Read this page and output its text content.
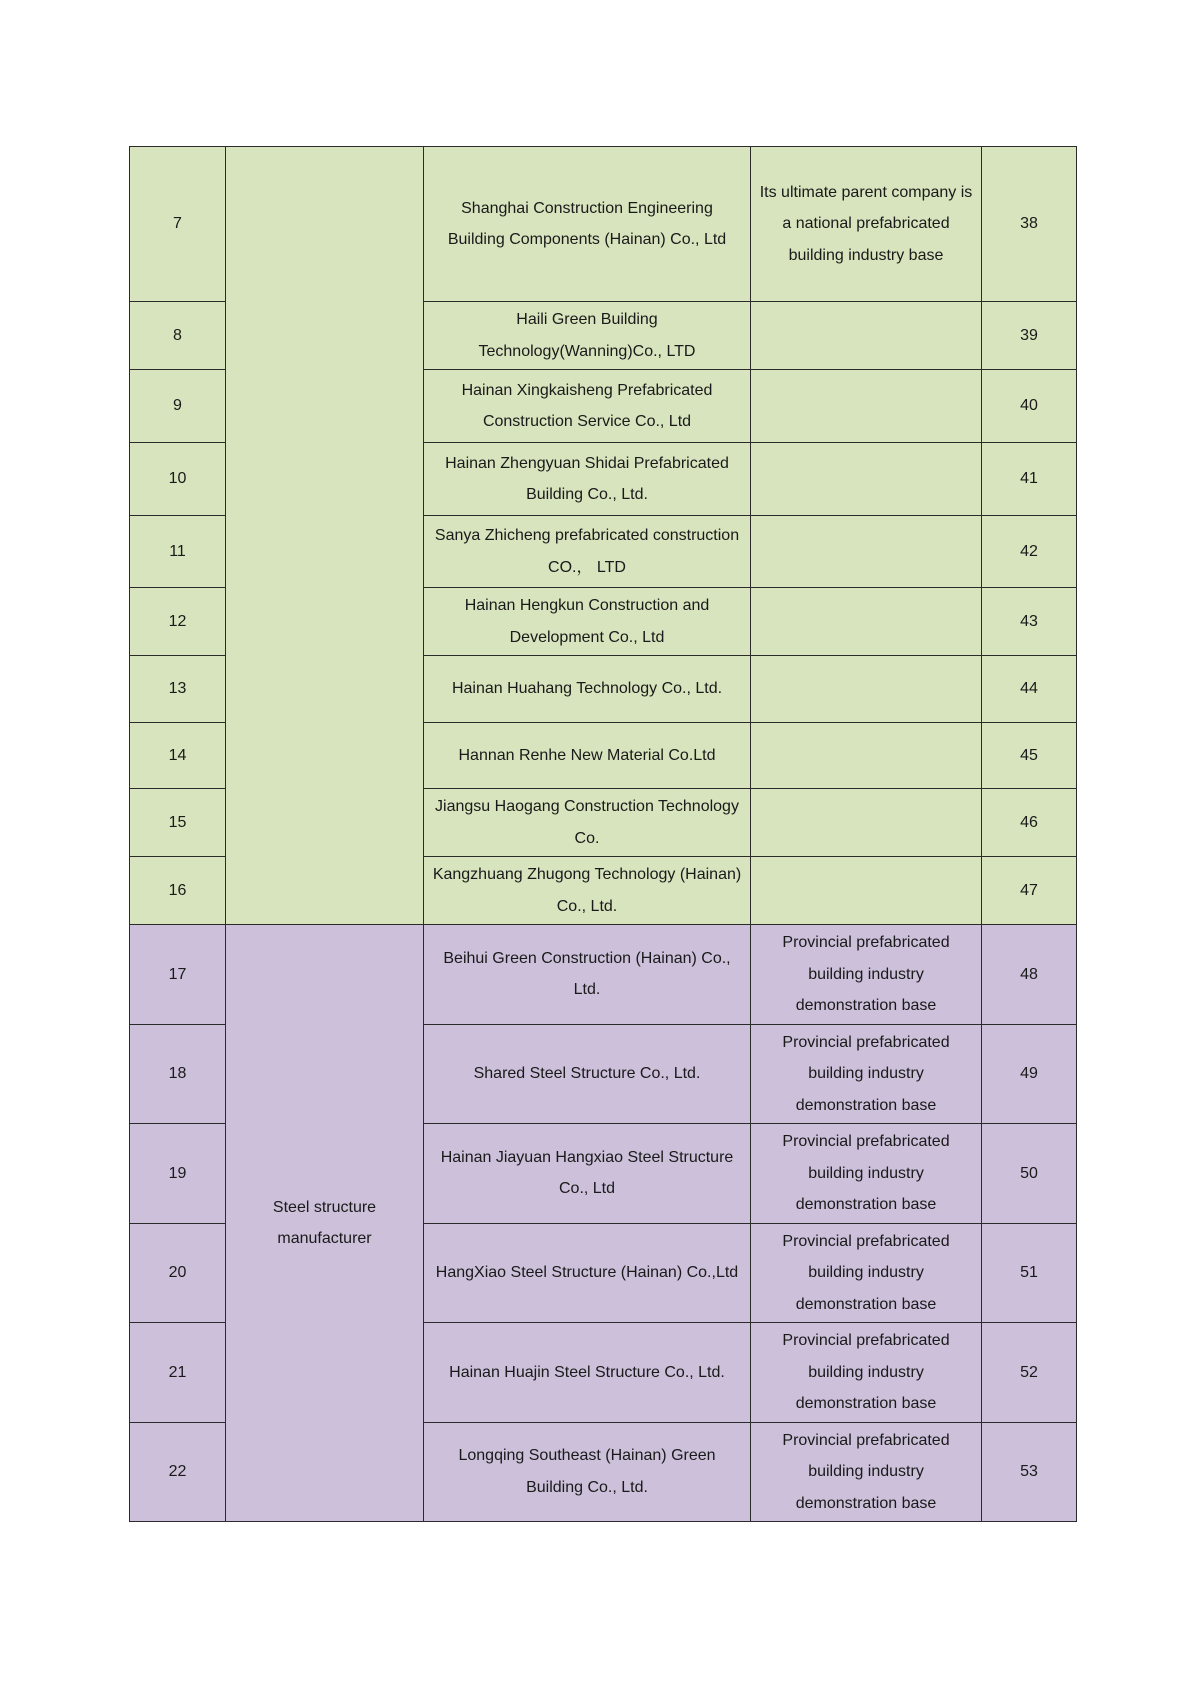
7		Shanghai Construction Engineering Building Components (Hainan) Co., Ltd	Its ultimate parent company is a national prefabricated building industry base	38
8		Haili Green Building Technology(Wanning)Co., LTD		39
9		Hainan Xingkaisheng Prefabricated Construction Service Co., Ltd		40
10		Hainan Zhengyuan Shidai Prefabricated Building Co., Ltd.		41
11		Sanya Zhicheng prefabricated construction CO.， LTD		42
12		Hainan Hengkun Construction and Development Co., Ltd		43
13		Hainan Huahang Technology Co., Ltd.		44
14		Hannan Renhe New Material Co.Ltd		45
15		Jiangsu Haogang Construction Technology Co.		46
16		Kangzhuang Zhugong Technology (Hainan) Co., Ltd.		47
17	Steel structure manufacturer	Beihui Green Construction (Hainan) Co., Ltd.	Provincial prefabricated building industry demonstration base	48
18		Shared Steel Structure Co., Ltd.	Provincial prefabricated building industry demonstration base	49
19		Hainan Jiayuan Hangxiao Steel Structure Co., Ltd	Provincial prefabricated building industry demonstration base	50
20		HangXiao Steel Structure (Hainan) Co.,Ltd	Provincial prefabricated building industry demonstration base	51
21		Hainan Huajin Steel Structure Co., Ltd.	Provincial prefabricated building industry demonstration base	52
22		Longqing Southeast (Hainan) Green Building Co., Ltd.	Provincial prefabricated building industry demonstration base	53
